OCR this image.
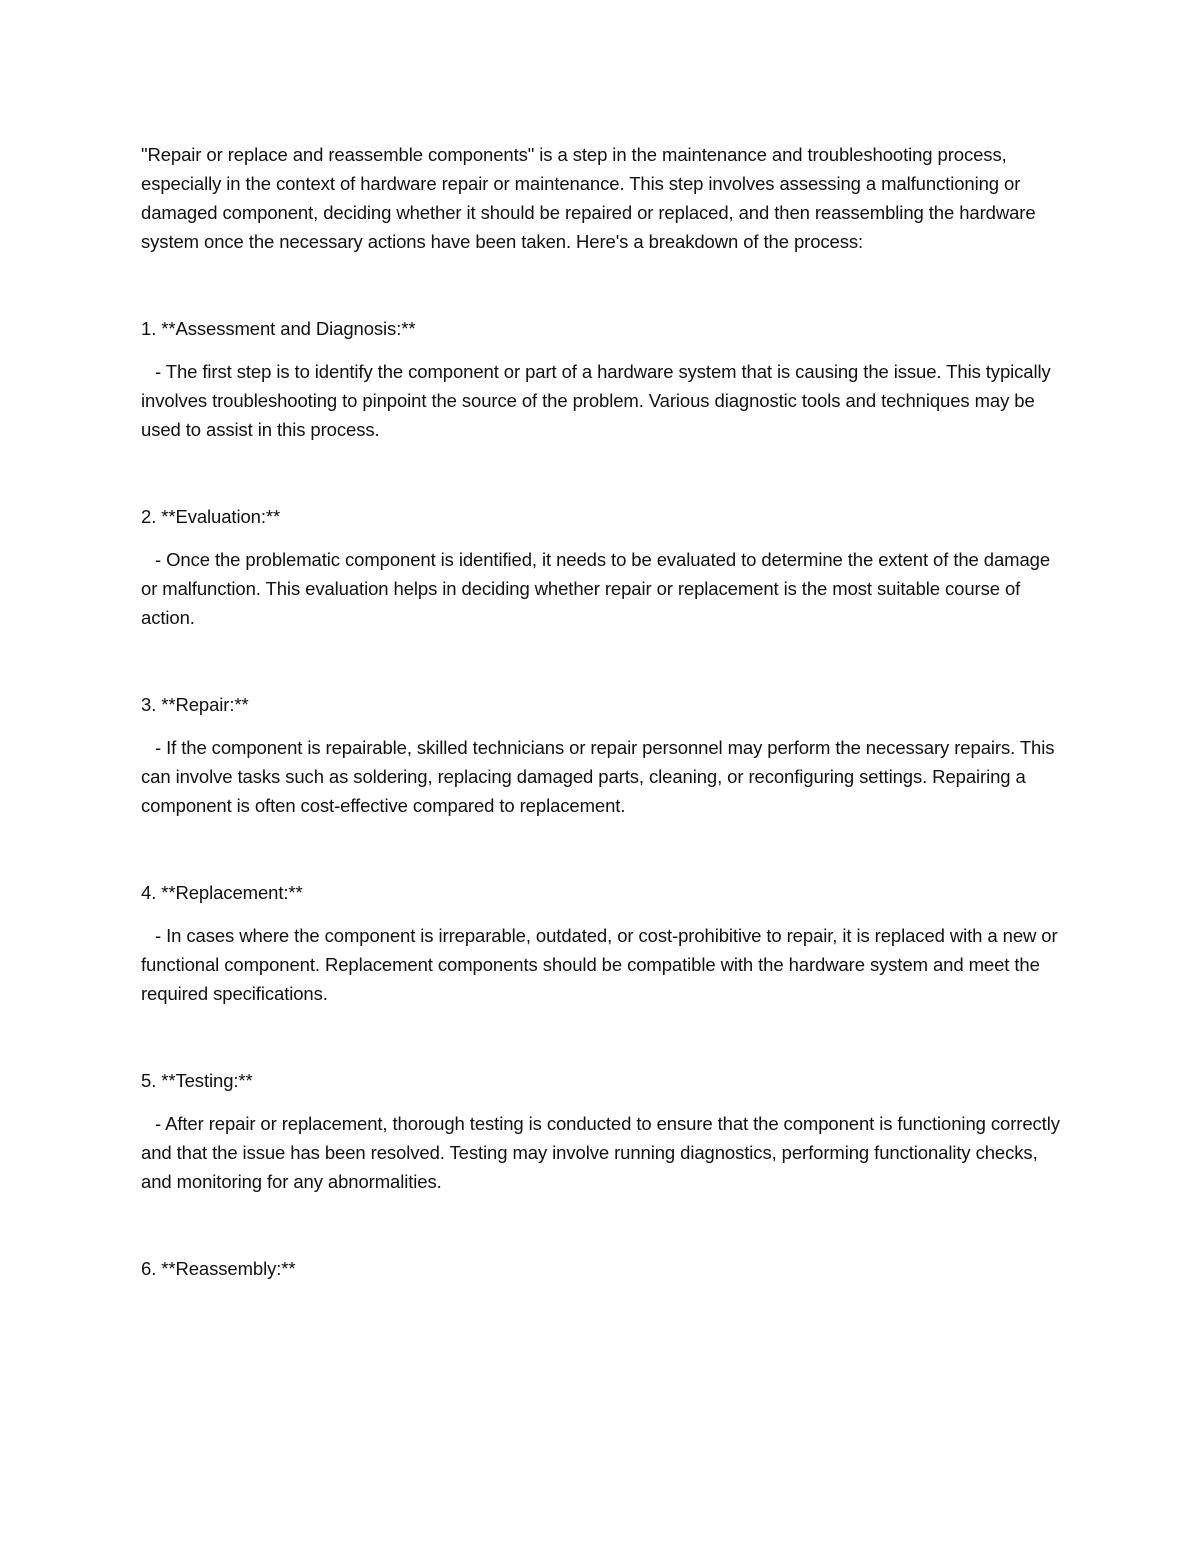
"Repair or replace and reassemble components" is a step in the maintenance and troubleshooting process, especially in the context of hardware repair or maintenance. This step involves assessing a malfunctioning or damaged component, deciding whether it should be repaired or replaced, and then reassembling the hardware system once the necessary actions have been taken. Here's a breakdown of the process:

1. **Assessment and Diagnosis:**

- The first step is to identify the component or part of a hardware system that is causing the issue. This typically involves troubleshooting to pinpoint the source of the problem. Various diagnostic tools and techniques may be used to assist in this process.

2. **Evaluation:**

- Once the problematic component is identified, it needs to be evaluated to determine the extent of the damage or malfunction. This evaluation helps in deciding whether repair or replacement is the most suitable course of action.

3. **Repair:**

- If the component is repairable, skilled technicians or repair personnel may perform the necessary repairs. This can involve tasks such as soldering, replacing damaged parts, cleaning, or reconfiguring settings. Repairing a component is often cost-effective compared to replacement.

4. **Replacement:**

- In cases where the component is irreparable, outdated, or cost-prohibitive to repair, it is replaced with a new or functional component. Replacement components should be compatible with the hardware system and meet the required specifications.

5. **Testing:**

- After repair or replacement, thorough testing is conducted to ensure that the component is functioning correctly and that the issue has been resolved. Testing may involve running diagnostics, performing functionality checks, and monitoring for any abnormalities.

6. **Reassembly:**
